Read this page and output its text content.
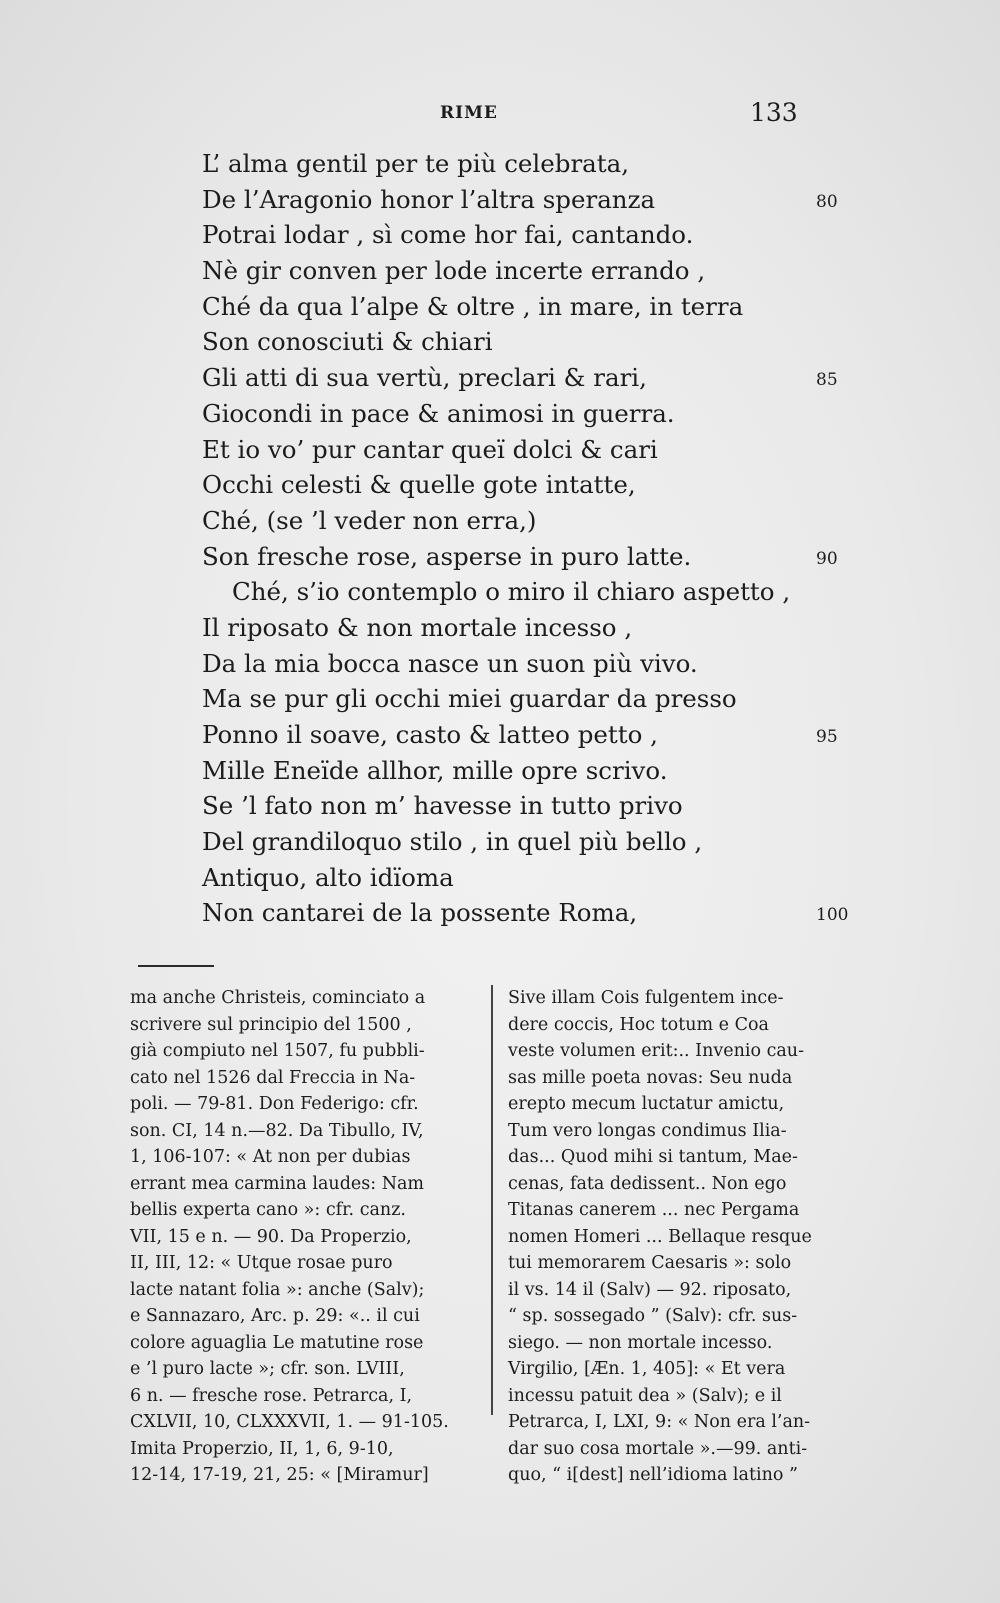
RIME	133
L’ alma gentil per te più celebrata,
De l’Aragonio honor l’altra speranza	80
Potrai lodar , sì come hor fai, cantando.
Nè gir conven per lode incerte errando ,
Ché da qua l’alpe & oltre , in mare, in terra
Son conosciuti & chiari
Gli atti di sua vertù, preclari & rari,	85
Giocondi in pace & animosi in guerra.
Et io vo’ pur cantar queï dolci & cari
Occhi celesti & quelle gote intatte,
Ché, (se ’l veder non erra,)
Son fresche rose, asperse in puro latte.	90
Ché, s’io contemplo o miro il chiaro aspetto ,
Il riposato & non mortale incesso ,
Da la mia bocca nasce un suon più vivo.
Ma se pur gli occhi miei guardar da presso
Ponno il soave, casto & latteo petto ,	95
Mille Eneïde allhor, mille opre scrivo.
Se ’l fato non m’ havesse in tutto privo
Del grandiloquo stilo , in quel più bello ,
Antiquo, alto idïoma
Non cantarei de la possente Roma,	100
ma anche Christeis, cominciato a
scrivere sul principio del 1500 ,
già compiuto nel 1507, fu pubbli-
cato nel 1526 dal Freccia in Na-
poli. — 79-81. Don Federigo: cfr.
son. CI, 14 n.—82. Da Tibullo, IV,
1, 106-107: « At non per dubias
errant mea carmina laudes: Nam
bellis experta cano »: cfr. canz.
VII, 15 e n. — 90. Da Properzio,
II, III, 12: « Utque rosae puro
lacte natant folia »: anche (Salv);
e Sannazaro, Arc. p. 29: «.. il cui
colore aguaglia Le matutine rose
e ’l puro lacte »; cfr. son. LVIII,
6 n. — fresche rose. Petrarca, I,
CXLVII, 10, CLXXXVII, 1. — 91-105.
Imita Properzio, II, 1, 6, 9-10,
12-14, 17-19, 21, 25: « [Miramur]
Sive illam Cois fulgentem ince-
dere coccis, Hoc totum e Coa
veste volumen erit:.. Invenio cau-
sas mille poeta novas: Seu nuda
erepto mecum luctatur amictu,
Tum vero longas condimus Ilia-
das... Quod mihi si tantum, Mae-
cenas, fata dedissent.. Non ego
Titanas canerem ... nec Pergama
nomen Homeri ... Bellaque resque
tui memorarem Caesaris »: solo
il vs. 14 il (Salv) — 92. riposato,
“ sp. sossegado ” (Salv): cfr. sus-
siego. — non mortale incesso.
Virgilio, [Æn. 1, 405]: « Et vera
incessu patuit dea » (Salv); e il
Petrarca, I, LXI, 9: « Non era l’an-
dar suo cosa mortale ».—99. anti-
quo, “ i[dest] nell’idioma latino ”
